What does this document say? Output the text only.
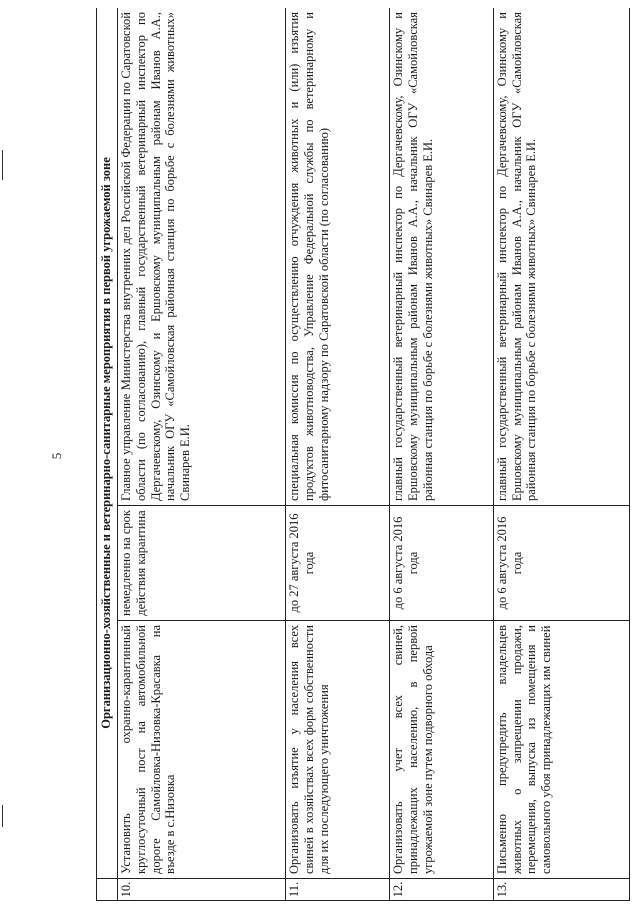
5
		Организационно-хозяйственные и ветеринарно-санитарные мероприятия в первой угрожаемой зоне		
10.	Установить охранно-карантинный круглосуточный пост на автомобильной дороге Самойловка-Низовка-Красавка на въезде в с.Низовка	немедленно на срок действия карантина	Главное управление Министерства внутренних дел Российской Федерации по Саратовской области (по согласованию), главный государственный ветеринарный инспектор по Дергачевскому, Озинскому и Ершовскому муниципальным районам Иванов А.А., начальник ОГУ «Самойловская районная станция по борьбе с болезнями животных» Свинарев Е.И.
11.	Организовать изъятие у населения всех свиней в хозяйствах всех форм собственности для их последующего уничтожения	до 27 августа 2016 года	специальная комиссия по осуществлению отчуждения животных и (или) изъятия продуктов животноводства, Управление Федеральной службы по ветеринарному и фитосанитарному надзору по Саратовской области (по согласованию)
12.	Организовать учет всех свиней, принадлежащих населению, в первой угрожаемой зоне путем подворного обхода	до 6 августа 2016 года	главный государственный ветеринарный инспектор по Дергачевскому, Озинскому и Ершовскому муниципальным районам Иванов А.А., начальник ОГУ «Самойловская районная станция по борьбе с болезнями животных» Свинарев Е.И.
13.	Письменно предупредить владельцев животных о запрещении продажи, перемещения, выпуска из помещения и самовольного убоя принадлежащих им свиней	до 6 августа 2016 года	главный государственный ветеринарный инспектор по Дергачевскому, Озинскому и Ершовскому муниципальным районам Иванов А.А., начальник ОГУ «Самойловская районная станция по борьбе с болезнями животных» Свинарев Е.И.
